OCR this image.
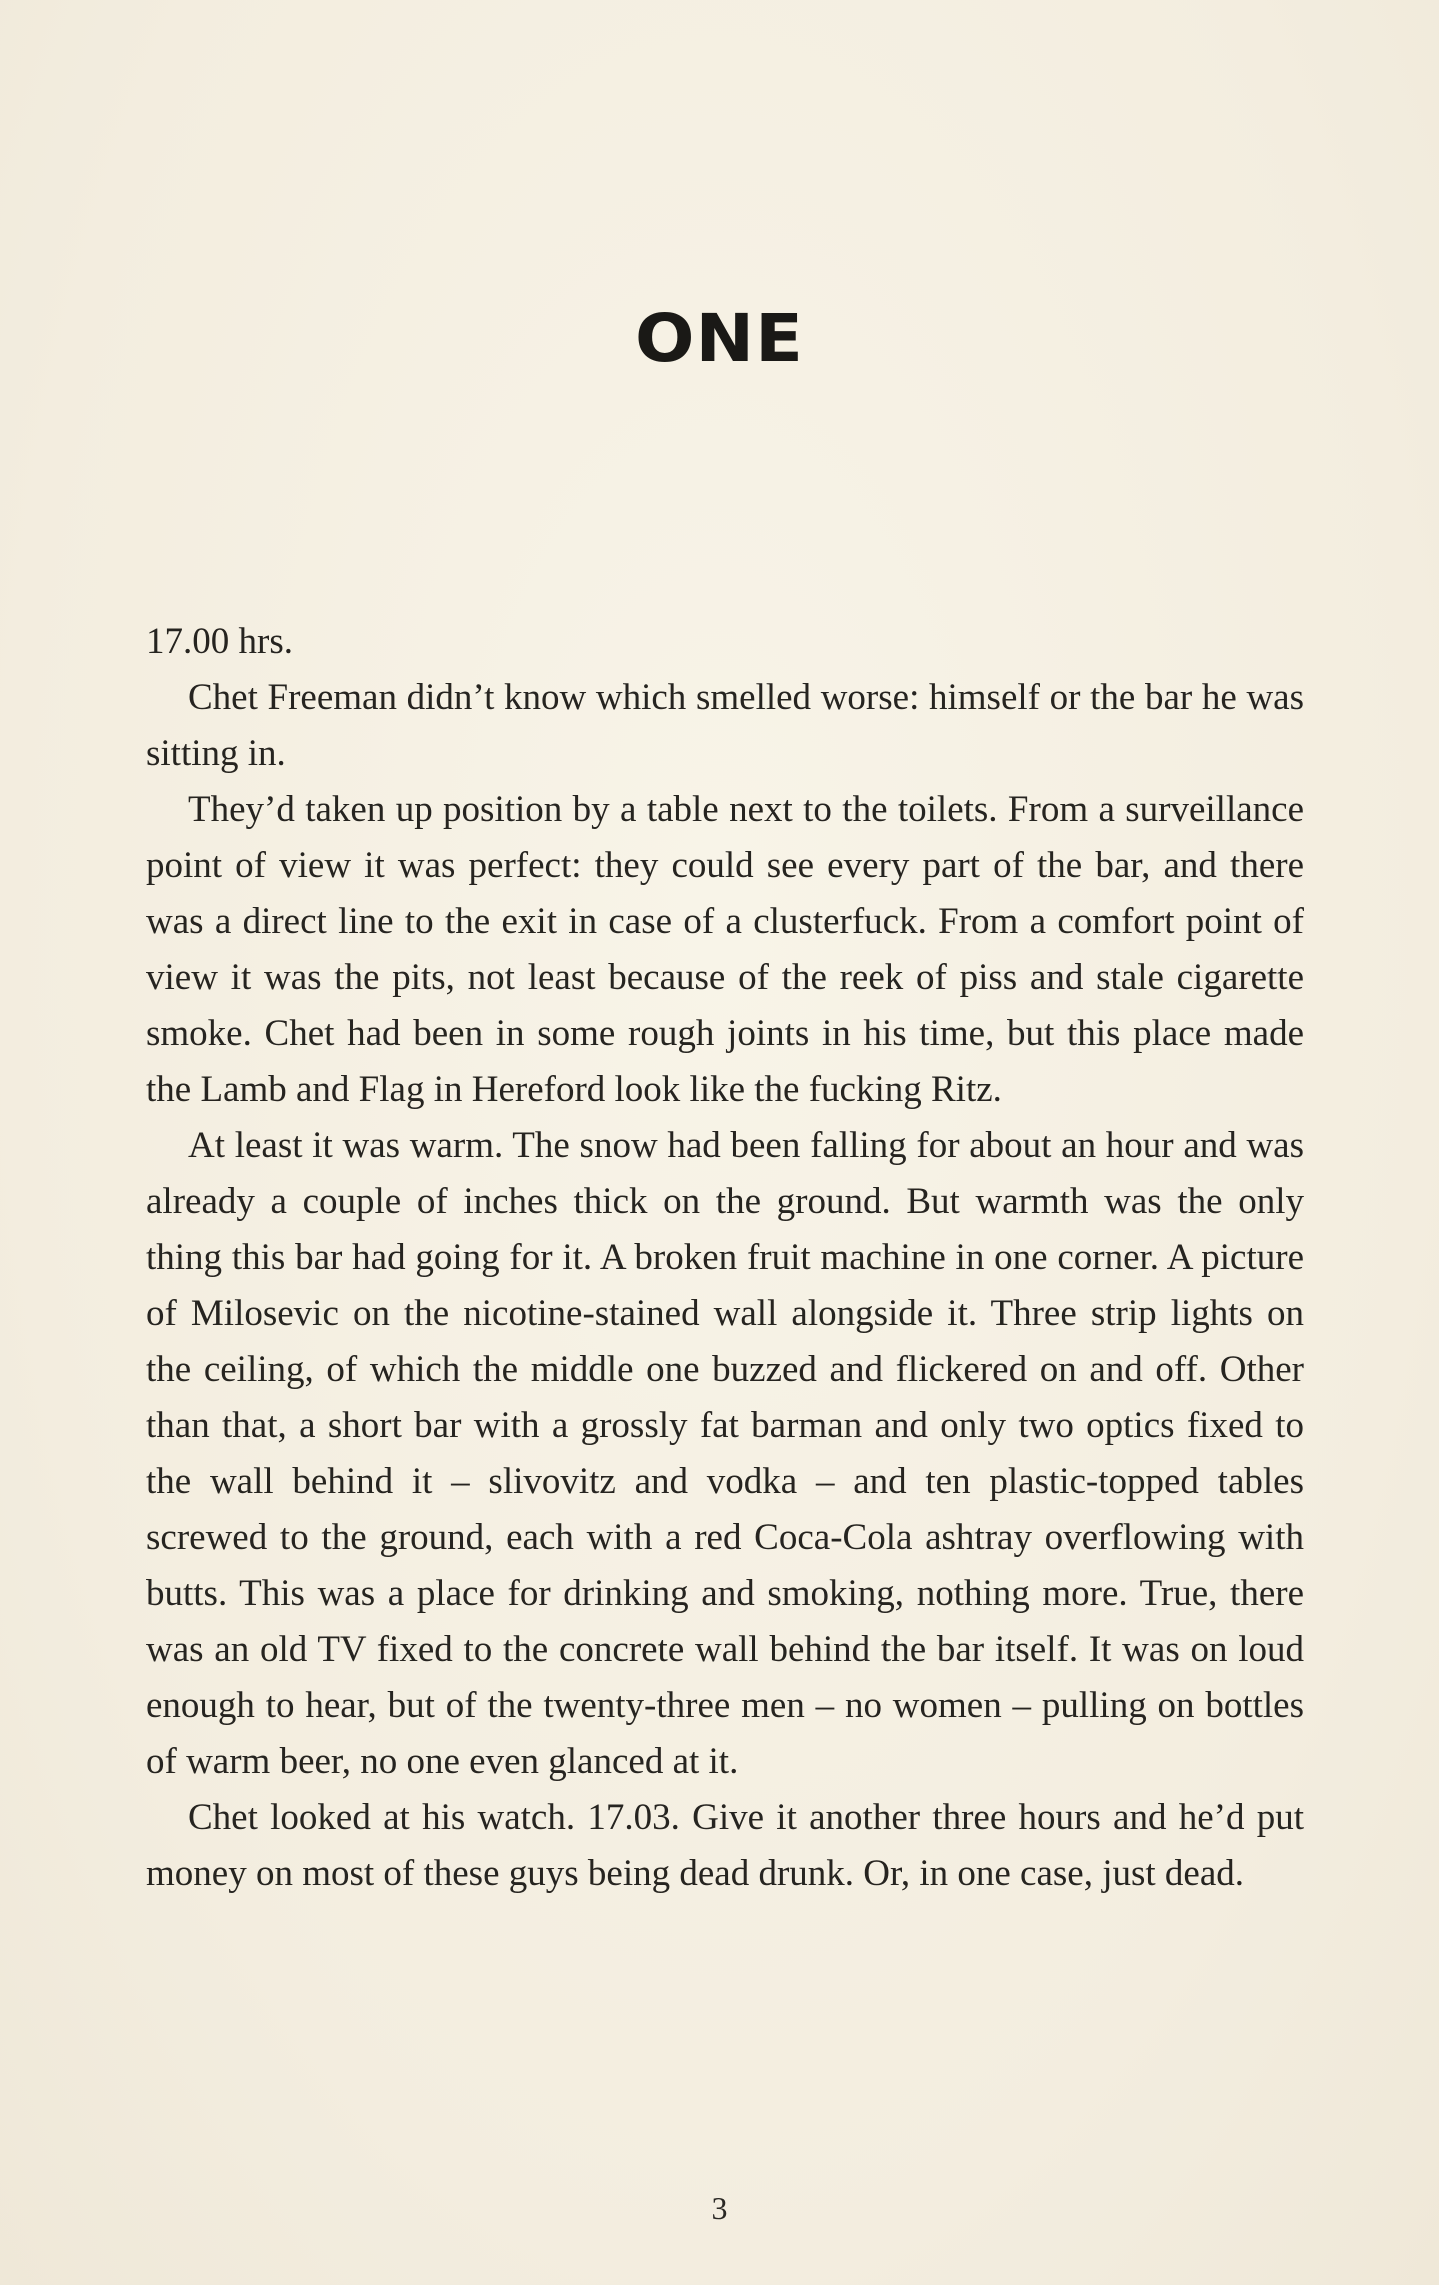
ONE

17.00 hrs.

Chet Freeman didn’t know which smelled worse: himself or the bar he was sitting in.

They’d taken up position by a table next to the toilets. From a surveillance point of view it was perfect: they could see every part of the bar, and there was a direct line to the exit in case of a clusterfuck. From a comfort point of view it was the pits, not least because of the reek of piss and stale cigarette smoke. Chet had been in some rough joints in his time, but this place made the Lamb and Flag in Hereford look like the fucking Ritz.

At least it was warm. The snow had been falling for about an hour and was already a couple of inches thick on the ground. But warmth was the only thing this bar had going for it. A broken fruit machine in one corner. A picture of Milosevic on the nicotine-stained wall alongside it. Three strip lights on the ceiling, of which the middle one buzzed and flickered on and off. Other than that, a short bar with a grossly fat barman and only two optics fixed to the wall behind it – slivovitz and vodka – and ten plastic-topped tables screwed to the ground, each with a red Coca-Cola ashtray overflowing with butts. This was a place for drinking and smoking, nothing more. True, there was an old TV fixed to the concrete wall behind the bar itself. It was on loud enough to hear, but of the twenty-three men – no women – pulling on bottles of warm beer, no one even glanced at it.

Chet looked at his watch. 17.03. Give it another three hours and he’d put money on most of these guys being dead drunk. Or, in one case, just dead.

3
